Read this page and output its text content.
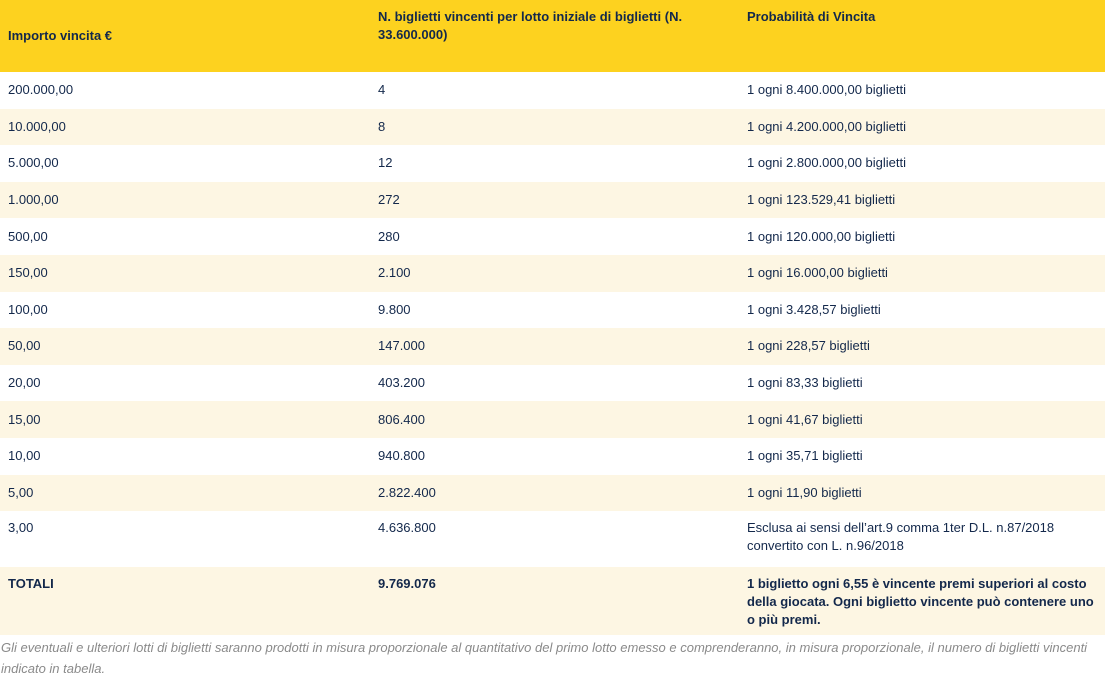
Importo vincita €	N. biglietti vincenti per lotto iniziale di biglietti (N. 33.600.000)	Probabilità di Vincita
200.000,00	4	1 ogni 8.400.000,00 biglietti
10.000,00	8	1 ogni 4.200.000,00 biglietti
5.000,00	12	1 ogni 2.800.000,00 biglietti
1.000,00	272	1 ogni 123.529,41 biglietti
500,00	280	1 ogni 120.000,00 biglietti
150,00	2.100	1 ogni 16.000,00 biglietti
100,00	9.800	1 ogni 3.428,57 biglietti
50,00	147.000	1 ogni 228,57 biglietti
20,00	403.200	1 ogni 83,33 biglietti
15,00	806.400	1 ogni 41,67 biglietti
10,00	940.800	1 ogni 35,71 biglietti
5,00	2.822.400	1 ogni 11,90 biglietti
3,00	4.636.800	Esclusa ai sensi dell’art.9 comma 1ter D.L. n.87/2018 convertito con L. n.96/2018
TOTALI	9.769.076	1 biglietto ogni 6,55 è vincente premi superiori al costo della giocata. Ogni biglietto vincente può contenere uno o più premi.

Gli eventuali e ulteriori lotti di biglietti saranno prodotti in misura proporzionale al quantitativo del primo lotto emesso e comprenderanno, in misura proporzionale, il numero di biglietti vincenti indicato in tabella.
